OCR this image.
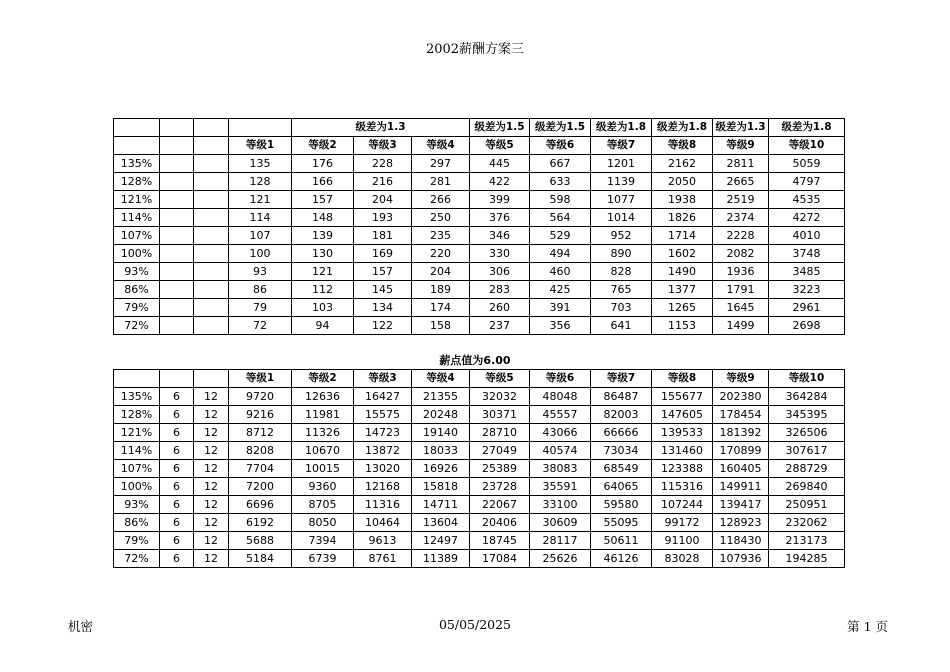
2002薪酬方案三
				级差为1.3			级差为1.5	级差为1.5	级差为1.8	级差为1.8	级差为1.3	级差为1.8
			等级1	等级2	等级3	等级4	等级5	等级6	等级7	等级8	等级9	等级10
135%			135	176	228	297	445	667	1201	2162	2811	5059
128%			128	166	216	281	422	633	1139	2050	2665	4797
121%			121	157	204	266	399	598	1077	1938	2519	4535
114%			114	148	193	250	376	564	1014	1826	2374	4272
107%			107	139	181	235	346	529	952	1714	2228	4010
100%			100	130	169	220	330	494	890	1602	2082	3748
93%			93	121	157	204	306	460	828	1490	1936	3485
86%			86	112	145	189	283	425	765	1377	1791	3223
79%			79	103	134	174	260	391	703	1265	1645	2961
72%			72	94	122	158	237	356	641	1153	1499	2698
薪点值为6.00
			等级1	等级2	等级3	等级4	等级5	等级6	等级7	等级8	等级9	等级10
135%	6	12	9720	12636	16427	21355	32032	48048	86487	155677	202380	364284
128%	6	12	9216	11981	15575	20248	30371	45557	82003	147605	178454	345395
121%	6	12	8712	11326	14723	19140	28710	43066	66666	139533	181392	326506
114%	6	12	8208	10670	13872	18033	27049	40574	73034	131460	170899	307617
107%	6	12	7704	10015	13020	16926	25389	38083	68549	123388	160405	288729
100%	6	12	7200	9360	12168	15818	23728	35591	64065	115316	149911	269840
93%	6	12	6696	8705	11316	14711	22067	33100	59580	107244	139417	250951
86%	6	12	6192	8050	10464	13604	20406	30609	55095	99172	128923	232062
79%	6	12	5688	7394	9613	12497	18745	28117	50611	91100	118430	213173
72%	6	12	5184	6739	8761	11389	17084	25626	46126	83028	107936	194285
机密	05/05/2025	第 1 页
